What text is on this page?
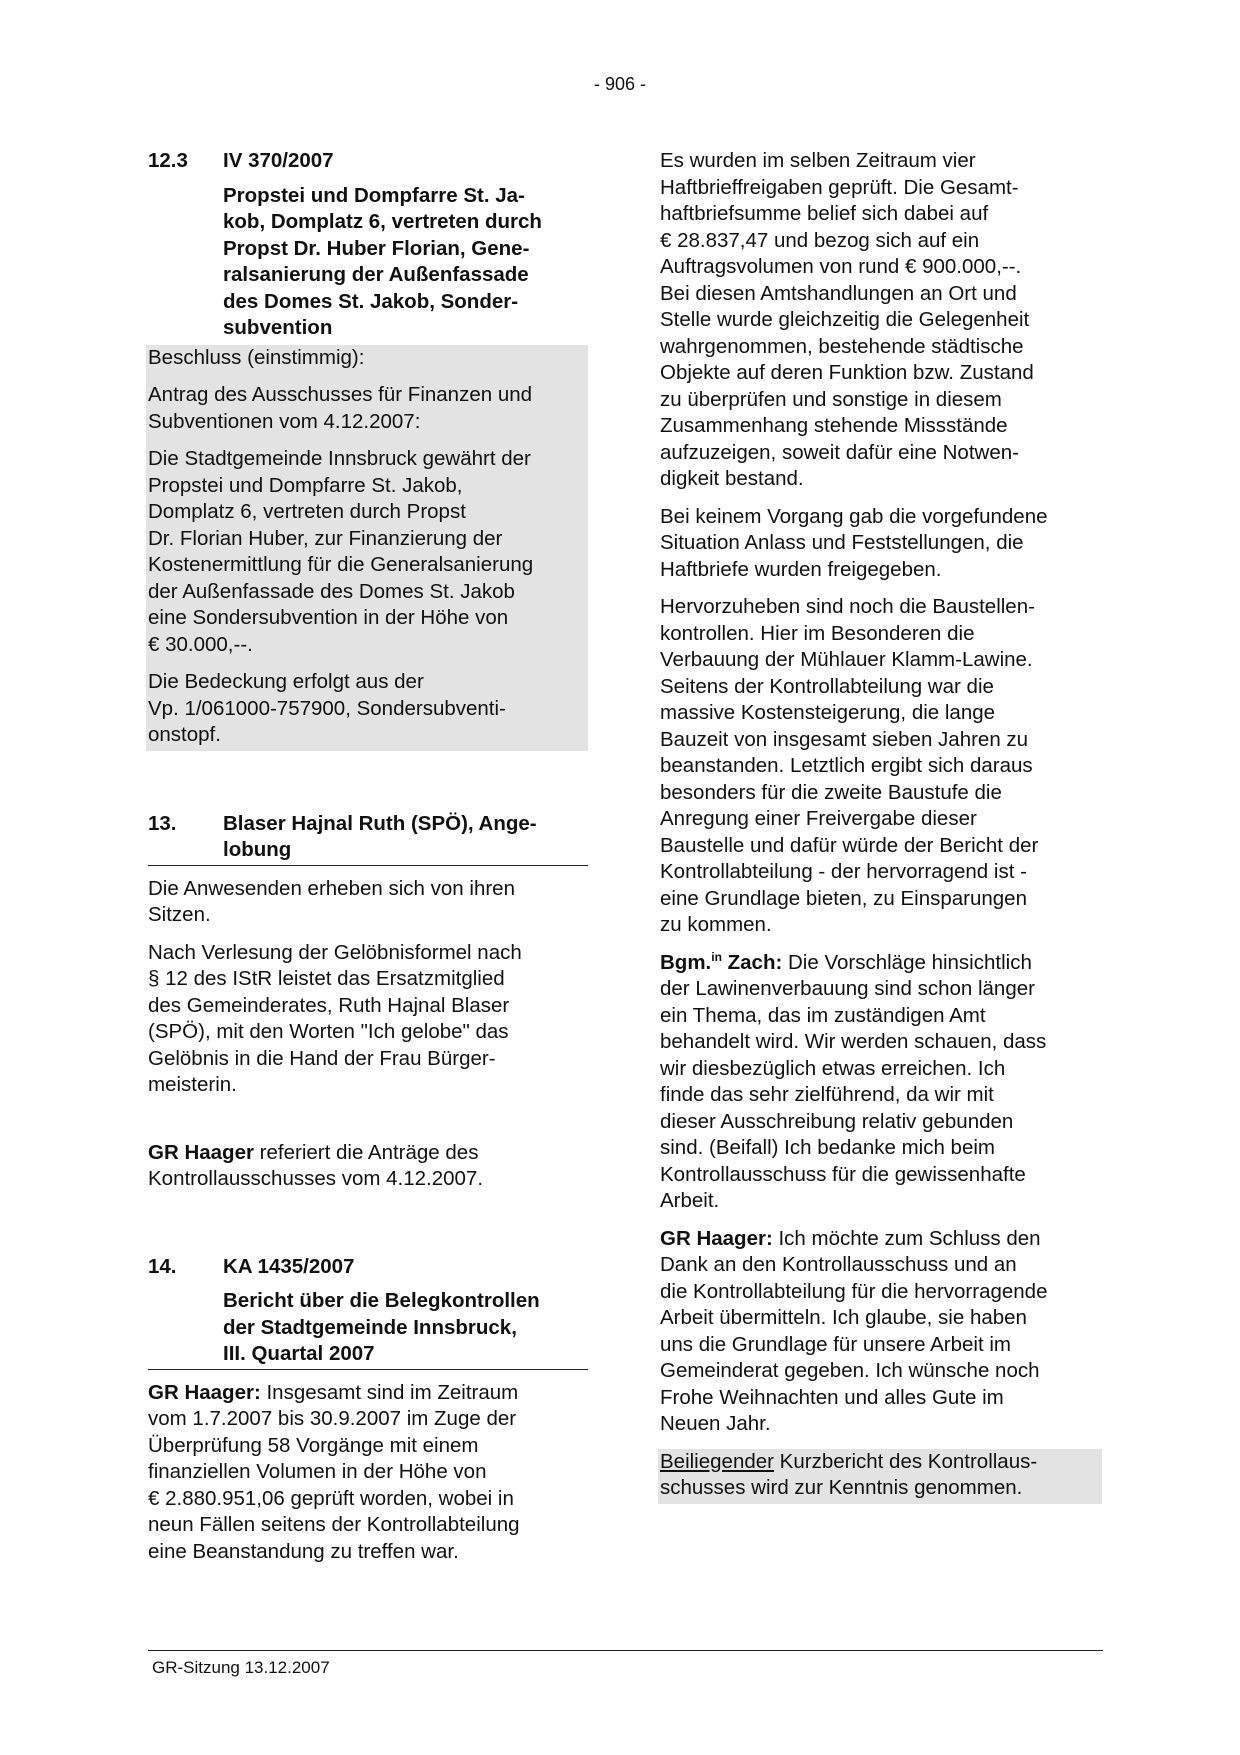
- 906 -
12.3	IV 370/2007
Propstei und Dompfarre St. Ja-
kob, Domplatz 6, vertreten durch
Propst Dr. Huber Florian, Gene-
ralsanierung der Außenfassade
des Domes St. Jakob, Sonder-
subvention

Beschluss (einstimmig):

Antrag des Ausschusses für Finanzen und

Subventionen vom 4.12.2007:

Die Stadtgemeinde Innsbruck gewährt der

Propstei und Dompfarre St. Jakob,

Domplatz 6, vertreten durch Propst

Dr. Florian Huber, zur Finanzierung der

Kostenermittlung für die Generalsanierung

der Außenfassade des Domes St. Jakob

eine Sondersubvention in der Höhe von

€ 30.000,--.

Die Bedeckung erfolgt aus der

Vp. 1/061000-757900, Sondersubventi-

onstopf.

13.	Blaser Hajnal Ruth (SPÖ), Ange-
lobung

Die Anwesenden erheben sich von ihren

Sitzen.

Nach Verlesung der Gelöbnisformel nach

§ 12 des IStR leistet das Ersatzmitglied

des Gemeinderates, Ruth Hajnal Blaser

(SPÖ), mit den Worten "Ich gelobe" das

Gelöbnis in die Hand der Frau Bürger-

meisterin.

GR Haager referiert die Anträge des

Kontrollausschusses vom 4.12.2007.

14.	KA 1435/2007
Bericht über die Belegkontrollen
der Stadtgemeinde Innsbruck,
III. Quartal 2007

GR Haager: Insgesamt sind im Zeitraum

vom 1.7.2007 bis 30.9.2007 im Zuge der

Überprüfung 58 Vorgänge mit einem

finanziellen Volumen in der Höhe von

€ 2.880.951,06 geprüft worden, wobei in

neun Fällen seitens der Kontrollabteilung

eine Beanstandung zu treffen war.

Es wurden im selben Zeitraum vier

Haftbrieffreigaben geprüft. Die Gesamt-

haftbriefsumme belief sich dabei auf

€ 28.837,47 und bezog sich auf ein

Auftragsvolumen von rund € 900.000,--.

Bei diesen Amtshandlungen an Ort und

Stelle wurde gleichzeitig die Gelegenheit

wahrgenommen, bestehende städtische

Objekte auf deren Funktion bzw. Zustand

zu überprüfen und sonstige in diesem

Zusammenhang stehende Missstände

aufzuzeigen, soweit dafür eine Notwen-

digkeit bestand.

Bei keinem Vorgang gab die vorgefundene

Situation Anlass und Feststellungen, die

Haftbriefe wurden freigegeben.

Hervorzuheben sind noch die Baustellen-

kontrollen. Hier im Besonderen die

Verbauung der Mühlauer Klamm-Lawine.

Seitens der Kontrollabteilung war die

massive Kostensteigerung, die lange

Bauzeit von insgesamt sieben Jahren zu

beanstanden. Letztlich ergibt sich daraus

besonders für die zweite Baustufe die

Anregung einer Freivergabe dieser

Baustelle und dafür würde der Bericht der

Kontrollabteilung - der hervorragend ist -

eine Grundlage bieten, zu Einsparungen

zu kommen.

Bgm.$^{in}$ Zach: Die Vorschläge hinsichtlich

der Lawinenverbauung sind schon länger

ein Thema, das im zuständigen Amt

behandelt wird. Wir werden schauen, dass

wir diesbezüglich etwas erreichen. Ich

finde das sehr zielführend, da wir mit

dieser Ausschreibung relativ gebunden

sind. (Beifall) Ich bedanke mich beim

Kontrollausschuss für die gewissenhafte

Arbeit.

GR Haager: Ich möchte zum Schluss den

Dank an den Kontrollausschuss und an

die Kontrollabteilung für die hervorragende

Arbeit übermitteln. Ich glaube, sie haben

uns die Grundlage für unsere Arbeit im

Gemeinderat gegeben. Ich wünsche noch

Frohe Weihnachten und alles Gute im

Neuen Jahr.

Beiliegender Kurzbericht des Kontrollaus-

schusses wird zur Kenntnis genommen.

GR-Sitzung 13.12.2007
